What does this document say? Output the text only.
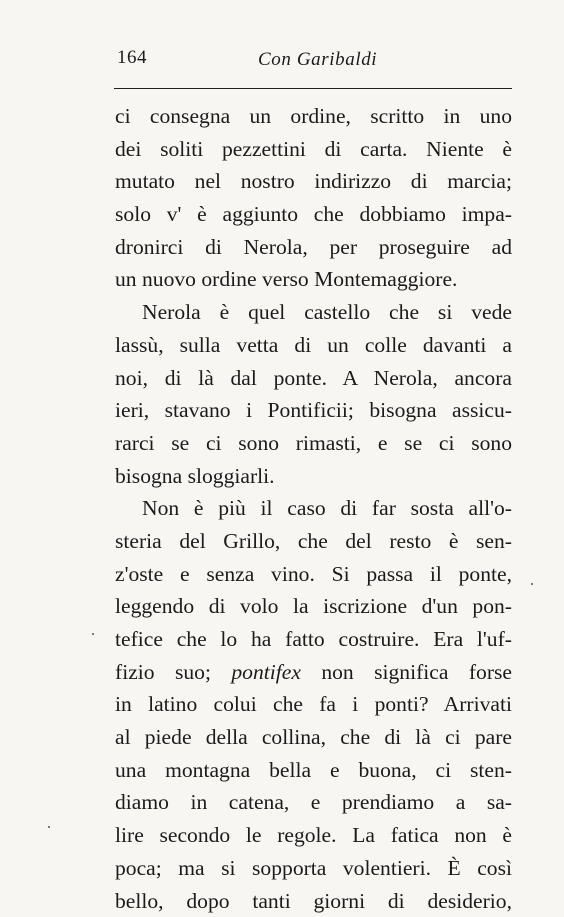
164	Con Garibaldi
ci consegna un ordine, scritto in uno
dei soliti pezzettini di carta. Niente è
mutato nel nostro indirizzo di marcia;
solo v' è aggiunto che dobbiamo impa-
dronirci di Nerola, per proseguire ad
un nuovo ordine verso Montemaggiore.
Nerola è quel castello che si vede
lassù, sulla vetta di un colle davanti a
noi, di là dal ponte. A Nerola, ancora
ieri, stavano i Pontificii; bisogna assicu-
rarci se ci sono rimasti, e se ci sono
bisogna sloggiarli.
Non è più il caso di far sosta all'o-
steria del Grillo, che del resto è sen-
z'oste e senza vino. Si passa il ponte,
leggendo di volo la iscrizione d'un pon-
tefice che lo ha fatto costruire. Era l'uf-
fizio suo; pontifex non significa forse
in latino colui che fa i ponti? Arrivati
al piede della collina, che di là ci pare
una montagna bella e buona, ci sten-
diamo in catena, e prendiamo a sa-
lire secondo le regole. La fatica non è
poca; ma si sopporta volentieri. È così
bello, dopo tanti giorni di desiderio,
